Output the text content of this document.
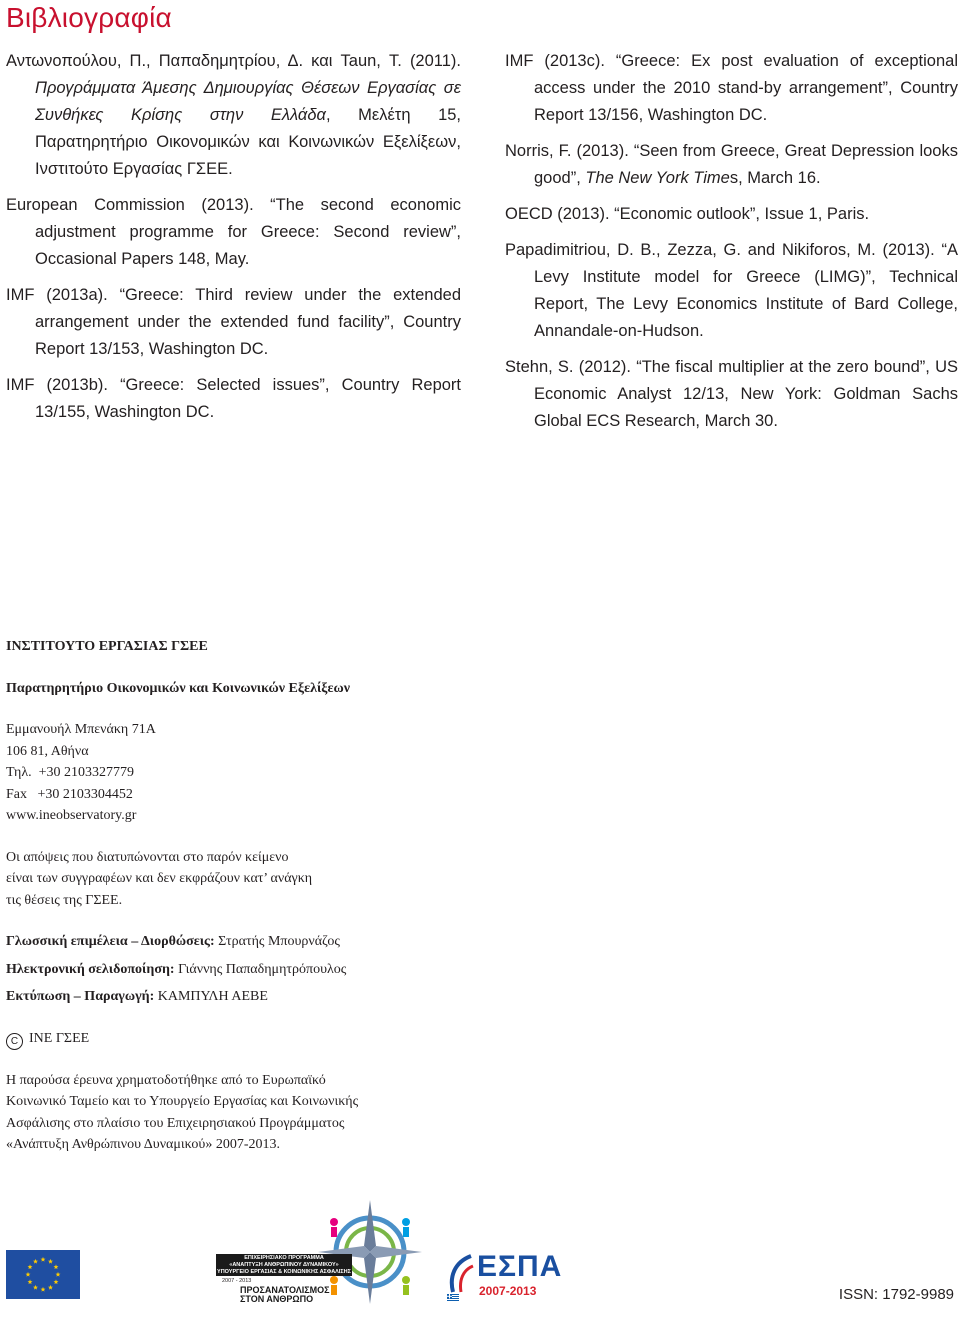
Βιβλιογραφία

Αντωνοπούλου, Π., Παπαδημητρίου, Δ. και Taun, Τ. (2011). Προγράμματα Άμεσης Δημιουργίας Θέσεων Εργασίας σε Συνθήκες Κρίσης στην Ελλάδα, Μελέτη 15, Παρατηρητήριο Οικονομικών και Κοινωνικών Εξελίξεων, Ινστιτούτο Εργασίας ΓΣΕΕ.

European Commission (2013). “The second economic adjustment programme for Greece: Second review”, Occasional Papers 148, May.

IMF (2013a). “Greece: Third review under the extended arrangement under the extended fund facility”, Country Report 13/153, Washington DC.

IMF (2013b). “Greece: Selected issues”, Country Report 13/155, Washington DC.

IMF (2013c). “Greece: Ex post evaluation of exceptional access under the 2010 stand-by arrangement”, Country Report 13/156, Washington DC.

Norris, F. (2013). “Seen from Greece, Great Depression looks good”, The New York Times, March 16.

OECD (2013). “Economic outlook”, Issue 1, Paris.

Papadimitriou, D. B., Zezza, G. and Nikiforos, M. (2013). “A Levy Institute model for Greece (LIMG)”, Technical Report, The Levy Economics Institute of Bard College, Annandale-on-Hudson.

Stehn, S. (2012). “The fiscal multiplier at the zero bound”, US Economic Analyst 12/13, New York: Goldman Sachs Global ECS Research, March 30.

ΙΝΣΤΙΤΟΥΤΟ ΕΡΓΑΣΙΑΣ ΓΣΕΕ

Παρατηρητήριο Οικονομικών και Κοινωνικών Εξελίξεων

Εμμανουήλ Μπενάκη 71Α

106 81, Αθήνα

Τηλ.  +30 2103327779

Fax   +30 2103304452

www.ineobservatory.gr

Οι απόψεις που διατυπώνονται στο παρόν κείμενο

είναι των συγγραφέων και δεν εκφράζουν κατ’ ανάγκη

τις θέσεις της ΓΣΕΕ.

Γλωσσική επιμέλεια – Διορθώσεις: Στρατής Μπουρνάζος

Ηλεκτρονική σελιδοποίηση: Γιάννης Παπαδημητρόπουλος

Εκτύπωση – Παραγωγή: ΚΑΜΠΥΛΗ ΑΕΒΕ

C ΙΝΕ ΓΣΕΕ

Η παρούσα έρευνα χρηματοδοτήθηκε από το Ευρωπαϊκό

Κοινωνικό Ταμείο και το Υπουργείο Εργασίας και Κοινωνικής

Ασφάλισης στο πλαίσιο του Επιχειρησιακού Προγράμματος

«Ανάπτυξη Ανθρώπινου Δυναμικού» 2007-2013.

ΕΠΙΧΕΙΡΗΣΙΑΚΟ ΠΡΟΓΡΑΜΜΑ
«ΑΝΑΠΤΥΞΗ ΑΝΘΡΩΠΙΝΟΥ ΔΥΝΑΜΙΚΟΥ»
ΥΠΟΥΡΓΕΙΟ ΕΡΓΑΣΙΑΣ & ΚΟΙΝΩΝΙΚΗΣ ΑΣΦΑΛΙΣΗΣ
2007 - 2013
ΠΡΟΣΑΝΑΤΟΛΙΣΜΟΣ
ΣΤΟΝ ΑΝΘΡΩΠΟ
ΕΣΠΑ
2007-2013	ISSN: 1792-9989
